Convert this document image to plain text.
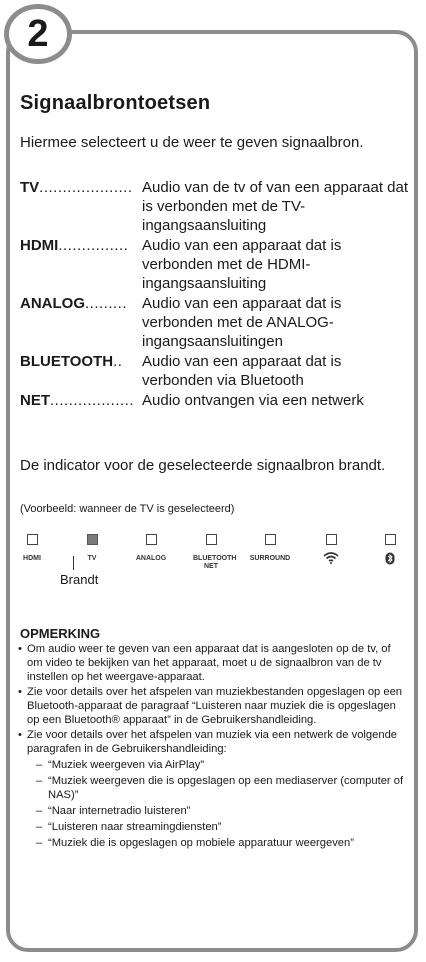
2
Signaalbrontoetsen
Hiermee selecteert u de weer te geven signaalbron.
TV.................... Audio van de tv of van een apparaat dat is verbonden met de TV-ingangsaansluiting
HDMI............... Audio van een apparaat dat is verbonden met de HDMI-ingangsaansluiting
ANALOG......... Audio van een apparaat dat is verbonden met de ANALOG-ingangsaansluitingen
BLUETOOTH..	Audio van een apparaat dat is verbonden via Bluetooth
NET.................. Audio ontvangen via een netwerk
De indicator voor de geselecteerde signaalbron brandt.
(Voorbeeld: wanneer de TV is geselecteerd)
HDMI	TV	ANALOG	BLUETOOTH NET
SURROUND
Brandt
OPMERKING
• Om audio weer te geven van een apparaat dat is aangesloten op de tv, of om video te bekijken van het apparaat, moet u de signaalbron van de tv instellen op het weergave-apparaat.
• Zie voor details over het afspelen van muziekbestanden opgeslagen op een Bluetooth-apparaat de paragraaf “Luisteren naar muziek die is opgeslagen op een Bluetooth® apparaat” in de Gebruikershandleiding.
• Zie voor details over het afspelen van muziek via een netwerk de volgende paragrafen in de Gebruikershandleiding:
– “Muziek weergeven via AirPlay”
– “Muziek weergeven die is opgeslagen op een mediaserver (computer of NAS)”
– “Naar internetradio luisteren”
– “Luisteren naar streamingdiensten”
– “Muziek die is opgeslagen op mobiele apparatuur weergeven”
